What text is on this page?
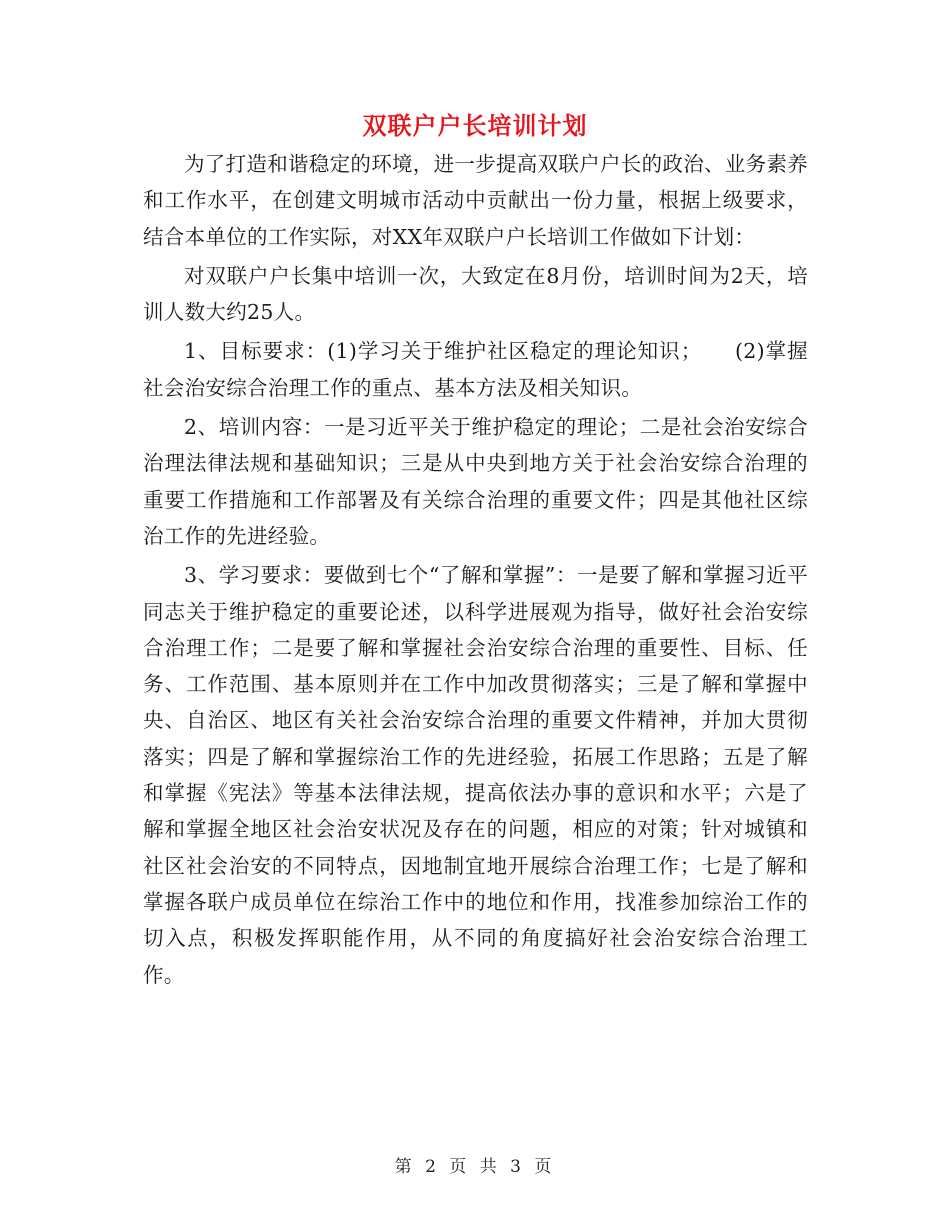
双联户户长培训计划

为了打造和谐稳定的环境，进一步提高双联户户长的政治、业务素养和工作水平，在创建文明城市活动中贡献出一份力量，根据上级要求，结合本单位的工作实际，对XX年双联户户长培训工作做如下计划：

对双联户户长集中培训一次，大致定在8月份，培训时间为2天，培训人数大约25人。

1、目标要求：(1)学习关于维护社区稳定的理论知识；　　(2)掌握社会治安综合治理工作的重点、基本方法及相关知识。

2、培训内容：一是习近平关于维护稳定的理论；二是社会治安综合治理法律法规和基础知识；三是从中央到地方关于社会治安综合治理的重要工作措施和工作部署及有关综合治理的重要文件；四是其他社区综治工作的先进经验。

3、学习要求：要做到七个“了解和掌握”：一是要了解和掌握习近平同志关于维护稳定的重要论述，以科学进展观为指导，做好社会治安综合治理工作；二是要了解和掌握社会治安综合治理的重要性、目标、任务、工作范围、基本原则并在工作中加改贯彻落实；三是了解和掌握中央、自治区、地区有关社会治安综合治理的重要文件精神，并加大贯彻落实；四是了解和掌握综治工作的先进经验，拓展工作思路；五是了解和掌握《宪法》等基本法律法规，提高依法办事的意识和水平；六是了解和掌握全地区社会治安状况及存在的问题，相应的对策；针对城镇和社区社会治安的不同特点，因地制宜地开展综合治理工作；七是了解和掌握各联户成员单位在综治工作中的地位和作用，找准参加综治工作的切入点，积极发挥职能作用，从不同的角度搞好社会治安综合治理工作。

第 2 页 共 3 页
